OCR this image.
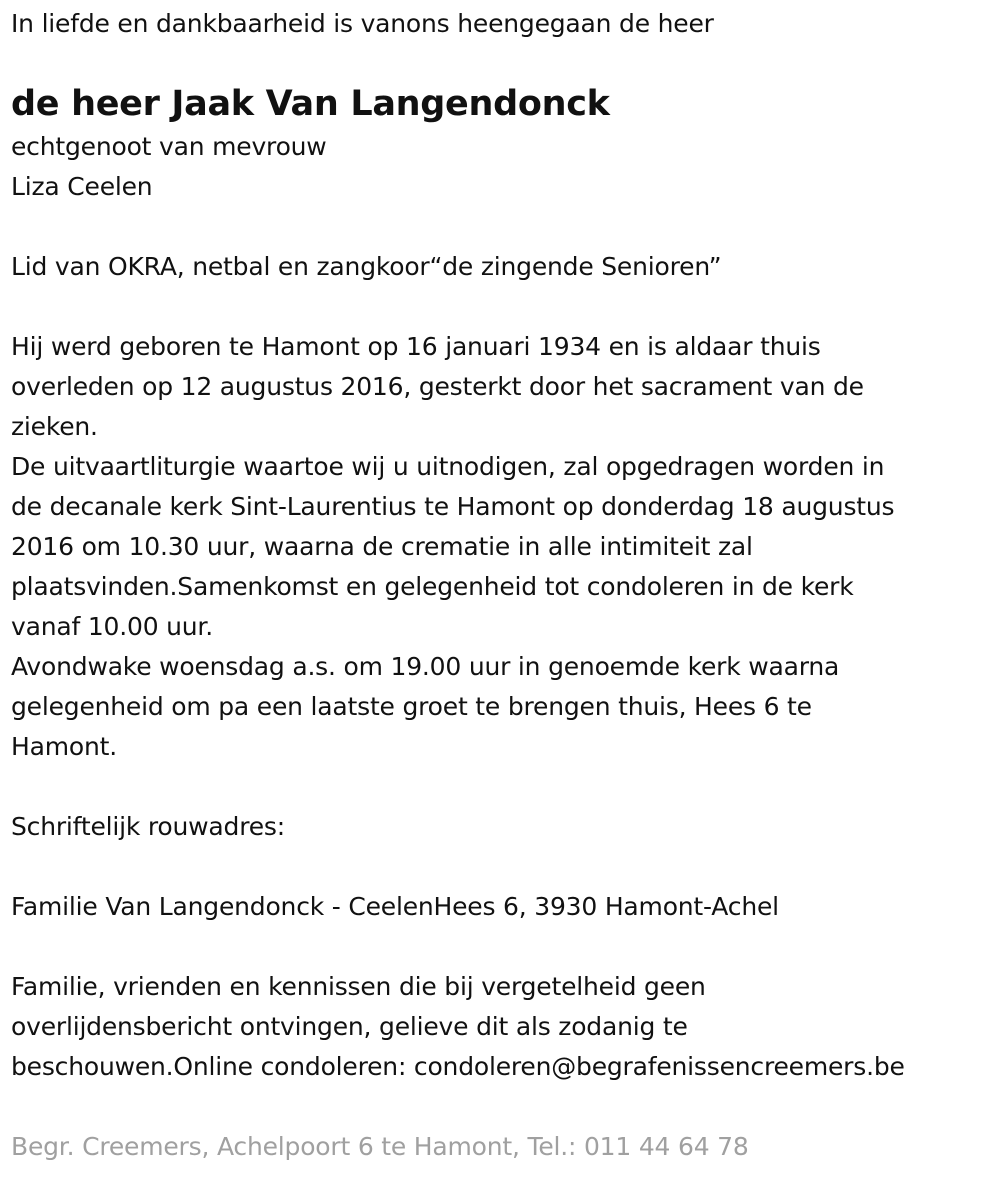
In liefde en dankbaarheid is vanons heengegaan de heer

de heer Jaak Van Langendonck

echtgenoot van mevrouw

Liza Ceelen

Lid van OKRA, netbal en zangkoor“de zingende Senioren”

Hij werd geboren te Hamont op 16 januari 1934 en is aldaar thuis

overleden op 12 augustus 2016, gesterkt door het sacrament van de

zieken.

De uitvaartliturgie waartoe wij u uitnodigen, zal opgedragen worden in

de decanale kerk Sint-Laurentius te Hamont op donderdag 18 augustus

2016 om 10.30 uur, waarna de crematie in alle intimiteit zal

plaatsvinden.Samenkomst en gelegenheid tot condoleren in de kerk

vanaf 10.00 uur.

Avondwake woensdag a.s. om 19.00 uur in genoemde kerk waarna

gelegenheid om pa een laatste groet te brengen thuis, Hees 6 te

Hamont.

Schriftelijk rouwadres:

Familie Van Langendonck - CeelenHees 6, 3930 Hamont-Achel

Familie, vrienden en kennissen die bij vergetelheid geen

overlijdensbericht ontvingen, gelieve dit als zodanig te

beschouwen.Online condoleren: condoleren@begrafenissencreemers.be

Begr. Creemers, Achelpoort 6 te Hamont, Tel.: 011 44 64 78
